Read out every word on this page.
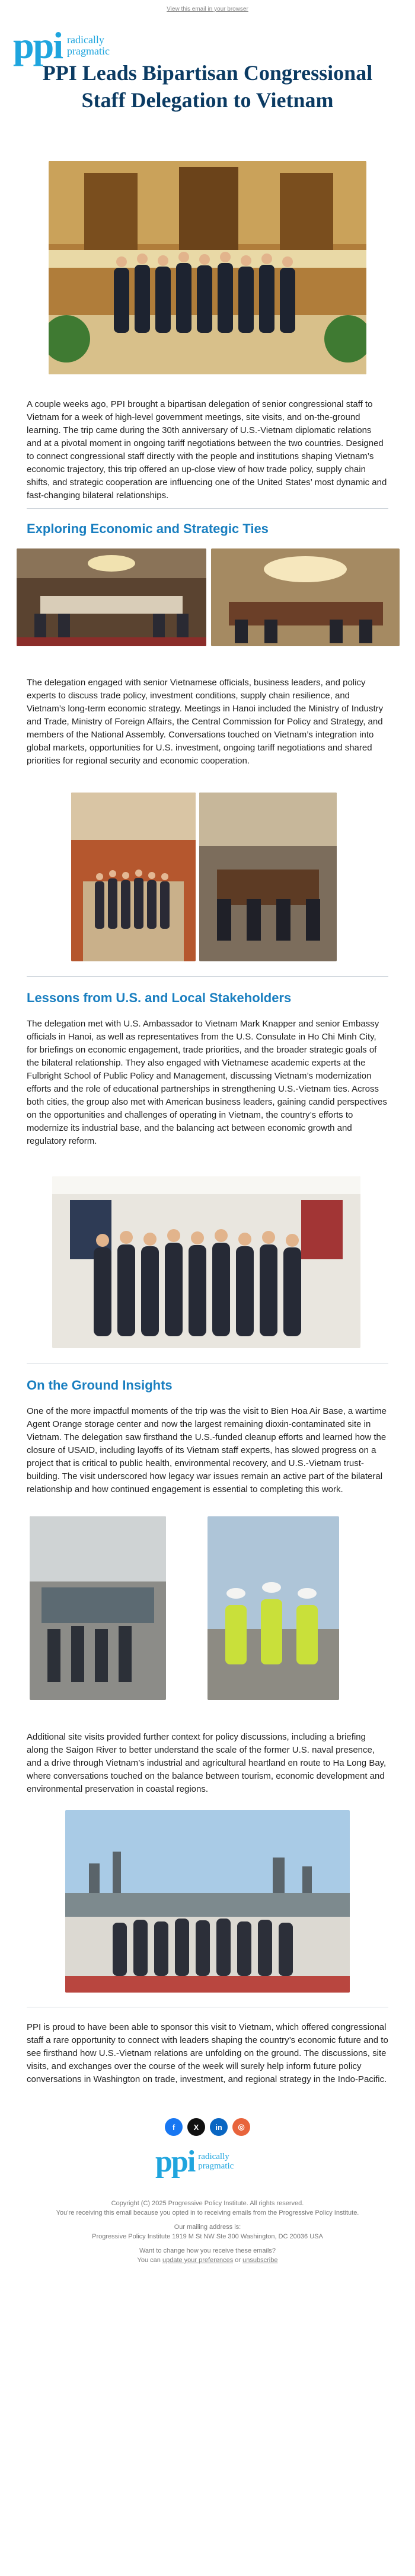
View this email in your browser
ppi radically
pragmatic
PPI Leads Bipartisan Congressional Staff Delegation to Vietnam
A couple weeks ago, PPI brought a bipartisan delegation of senior congressional staff to Vietnam for a week of high-level government meetings, site visits, and on-the-ground learning. The trip came during the 30th anniversary of U.S.-Vietnam diplomatic relations and at a pivotal moment in ongoing tariff negotiations between the two countries. Designed to connect congressional staff directly with the people and institutions shaping Vietnam’s economic trajectory, this trip offered an up-close view of how trade policy, supply chain shifts, and strategic cooperation are influencing one of the United States’ most dynamic and fast-changing bilateral relationships.
Exploring Economic and Strategic Ties
The delegation engaged with senior Vietnamese officials, business leaders, and policy experts to discuss trade policy, investment conditions, supply chain resilience, and Vietnam’s long-term economic strategy. Meetings in Hanoi included the Ministry of Industry and Trade, Ministry of Foreign Affairs, the Central Commission for Policy and Strategy, and members of the National Assembly. Conversations touched on Vietnam’s integration into global markets, opportunities for U.S. investment, ongoing tariff negotiations and shared priorities for regional security and economic cooperation.
Lessons from U.S. and Local Stakeholders
The delegation met with U.S. Ambassador to Vietnam Mark Knapper and senior Embassy officials in Hanoi, as well as representatives from the U.S. Consulate in Ho Chi Minh City, for briefings on economic engagement, trade priorities, and the broader strategic goals of the bilateral relationship. They also engaged with Vietnamese academic experts at the Fulbright School of Public Policy and Management, discussing Vietnam’s modernization efforts and the role of educational partnerships in strengthening U.S.-Vietnam ties. Across both cities, the group also met with American business leaders, gaining candid perspectives on the opportunities and challenges of operating in Vietnam, the country’s efforts to modernize its industrial base, and the balancing act between economic growth and regulatory reform.
On the Ground Insights
One of the more impactful moments of the trip was the visit to Bien Hoa Air Base, a wartime Agent Orange storage center and now the largest remaining dioxin-contaminated site in Vietnam. The delegation saw firsthand the U.S.-funded cleanup efforts and learned how the closure of USAID, including layoffs of its Vietnam staff experts, has slowed progress on a project that is critical to public health, environmental recovery, and U.S.-Vietnam trust-building. The visit underscored how legacy war issues remain an active part of the bilateral relationship and how continued engagement is essential to completing this work.
Additional site visits provided further context for policy discussions, including a briefing along the Saigon River to better understand the scale of the former U.S. naval presence, and a drive through Vietnam’s industrial and agricultural heartland en route to Ha Long Bay, where conversations touched on the balance between tourism, economic development and environmental preservation in coastal regions.
PPI is proud to have been able to sponsor this visit to Vietnam, which offered congressional staff a rare opportunity to connect with leaders shaping the country’s economic future and to see firsthand how U.S.-Vietnam relations are unfolding on the ground. The discussions, site visits, and exchanges over the course of the week will surely help inform future policy conversations in Washington on trade, investment, and regional strategy in the Indo-Pacific.
f	X	in	◎
ppi radically
pragmatic
Copyright (C) 2025 Progressive Policy Institute. All rights reserved.
You’re receiving this email because you opted in to receiving emails from the Progressive Policy Institute.
Our mailing address is:
Progressive Policy Institute 1919 M St NW Ste 300 Washington, DC 20036 USA
Want to change how you receive these emails?
You can update your preferences or unsubscribe
